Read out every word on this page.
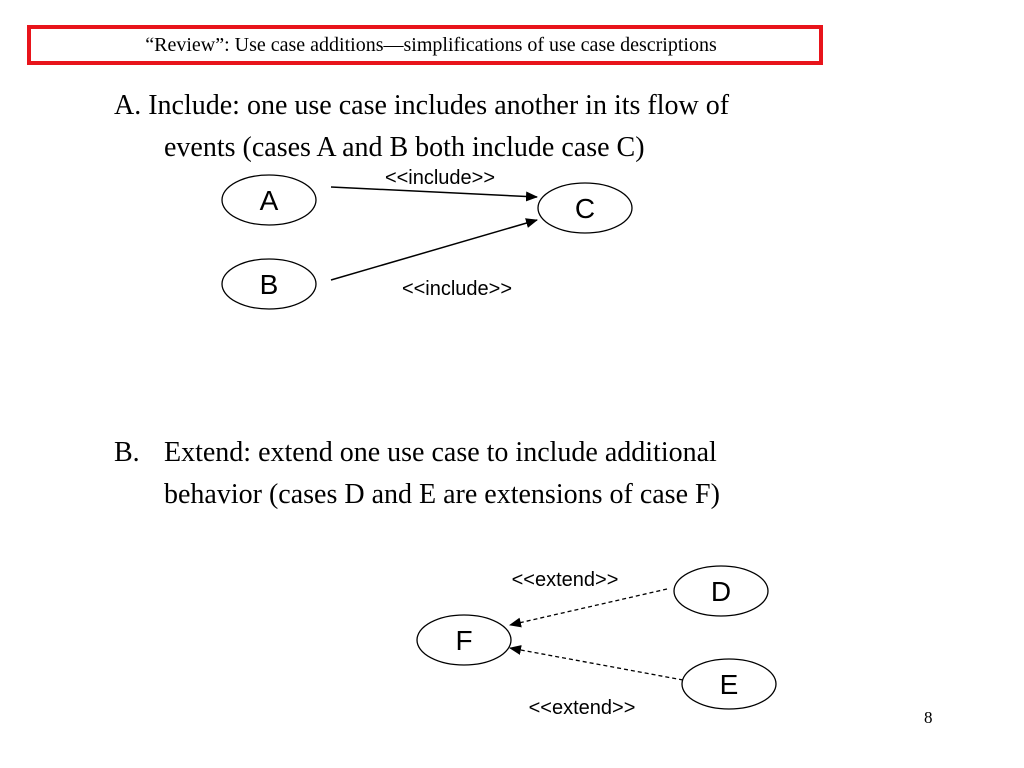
“Review”: Use case additions—simplifications of use case descriptions
A. Include: one use case includes another in its flow of
events (cases A and B both include case C)
B. Extend: extend one use case to include additional
behavior (cases D and E are extensions of case F)
A	C
B
<<include>>
<<include>>
D
F
E
<<extend>>
<<extend>>	8
